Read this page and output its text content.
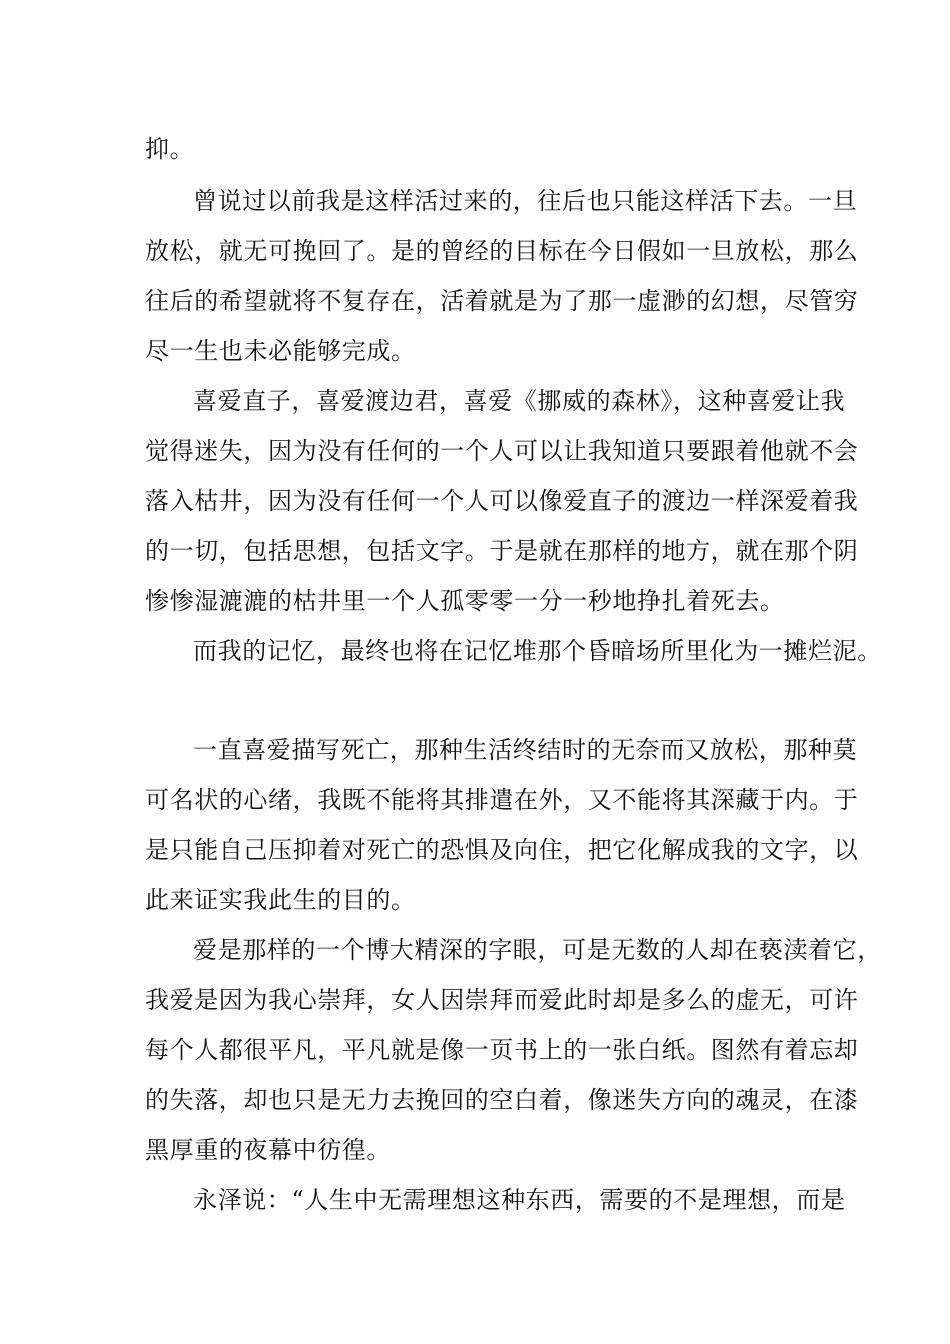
抑。
曾说过以前我是这样活过来的，往后也只能这样活下去。一旦
放松，就无可挽回了。是的曾经的目标在今日假如一旦放松，那么
往后的希望就将不复存在，活着就是为了那一虚渺的幻想，尽管穷
尽一生也未必能够完成。
喜爱直子，喜爱渡边君，喜爱《挪威的森林》，这种喜爱让我
觉得迷失，因为没有任何的一个人可以让我知道只要跟着他就不会
落入枯井，因为没有任何一个人可以像爱直子的渡边一样深爱着我
的一切，包括思想，包括文字。于是就在那样的地方，就在那个阴
惨惨湿漉漉的枯井里一个人孤零零一分一秒地挣扎着死去。
而我的记忆，最终也将在记忆堆那个昏暗场所里化为一摊烂泥。
一直喜爱描写死亡，那种生活终结时的无奈而又放松，那种莫
可名状的心绪，我既不能将其排遣在外，又不能将其深藏于内。于
是只能自己压抑着对死亡的恐惧及向住，把它化解成我的文字，以
此来证实我此生的目的。
爱是那样的一个博大精深的字眼，可是无数的人却在亵渎着它，
我爱是因为我心崇拜，女人因崇拜而爱此时却是多么的虚无，可许
每个人都很平凡，平凡就是像一页书上的一张白纸。图然有着忘却
的失落，却也只是无力去挽回的空白着，像迷失方向的魂灵，在漆
黑厚重的夜幕中彷徨。
永泽说：“人生中无需理想这种东西，需要的不是理想，而是
